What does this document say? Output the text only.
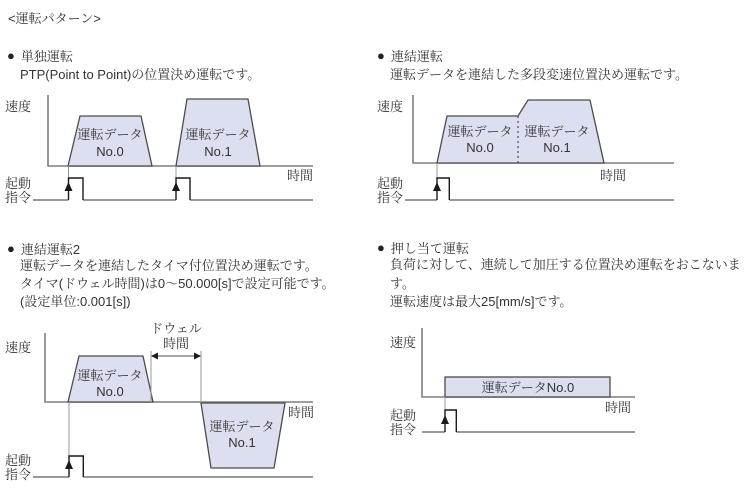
<運転パターン>
● 単独運転
PTP(Point to Point)の位置決め運転です。
● 連結運転
運転データを連結した多段変速位置決め運転です。
● 連結運転2
運転データを連結したタイマ付位置決め運転です。
タイマ(ドウェル時間)は0〜50.000[s]で設定可能です。
(設定単位:0.001[s])
● 押し当て運転
負荷に対して、連続して加圧する位置決め運転をおこないま
す。
運転速度は最大25[mm/s]です。
速度
運転データ
No.0
運転データ
No.1
時間
起動
指令
速度
運転データ
No.0
運転データ
No.1
時間
起動
指令
ドウェル
時間
速度
運転データ
No.0
運転データ
No.1
時間
起動
指令
速度
運転データNo.0
時間
起動
指令
